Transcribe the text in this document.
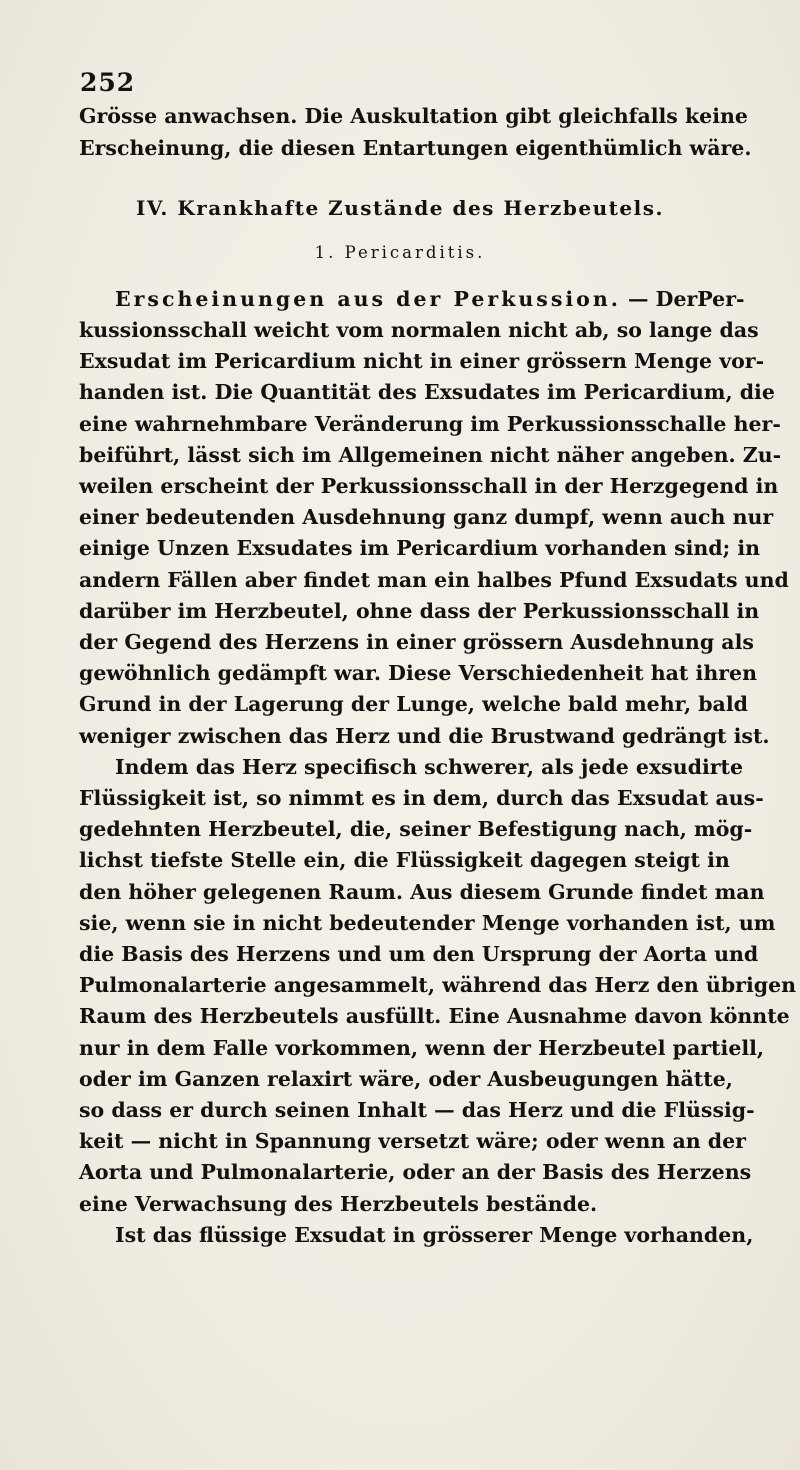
252
Grösse anwachsen. Die Auskultation gibt gleichfalls keine
Erscheinung, die diesen Entartungen eigenthümlich wäre.
IV. Krankhafte Zustände des Herzbeutels.
1. Pericarditis.
Erscheinungen aus der Perkussion. — DerPer-
kussionsschall weicht vom normalen nicht ab, so lange das
Exsudat im Pericardium nicht in einer grössern Menge vor-
handen ist. Die Quantität des Exsudates im Pericardium, die
eine wahrnehmbare Veränderung im Perkussionsschalle her-
beiführt, lässt sich im Allgemeinen nicht näher angeben. Zu-
weilen erscheint der Perkussionsschall in der Herzgegend in
einer bedeutenden Ausdehnung ganz dumpf, wenn auch nur
einige Unzen Exsudates im Pericardium vorhanden sind; in
andern Fällen aber findet man ein halbes Pfund Exsudats und
darüber im Herzbeutel, ohne dass der Perkussionsschall in
der Gegend des Herzens in einer grössern Ausdehnung als
gewöhnlich gedämpft war. Diese Verschiedenheit hat ihren
Grund in der Lagerung der Lunge, welche bald mehr, bald
weniger zwischen das Herz und die Brustwand gedrängt ist.
Indem das Herz specifisch schwerer, als jede exsudirte
Flüssigkeit ist, so nimmt es in dem, durch das Exsudat aus-
gedehnten Herzbeutel, die, seiner Befestigung nach, mög-
lichst tiefste Stelle ein, die Flüssigkeit dagegen steigt in
den höher gelegenen Raum. Aus diesem Grunde findet man
sie, wenn sie in nicht bedeutender Menge vorhanden ist, um
die Basis des Herzens und um den Ursprung der Aorta und
Pulmonalarterie angesammelt, während das Herz den übrigen
Raum des Herzbeutels ausfüllt. Eine Ausnahme davon könnte
nur in dem Falle vorkommen, wenn der Herzbeutel partiell,
oder im Ganzen relaxirt wäre, oder Ausbeugungen hätte,
so dass er durch seinen Inhalt — das Herz und die Flüssig-
keit — nicht in Spannung versetzt wäre; oder wenn an der
Aorta und Pulmonalarterie, oder an der Basis des Herzens
eine Verwachsung des Herzbeutels bestände.
Ist das flüssige Exsudat in grösserer Menge vorhanden,
